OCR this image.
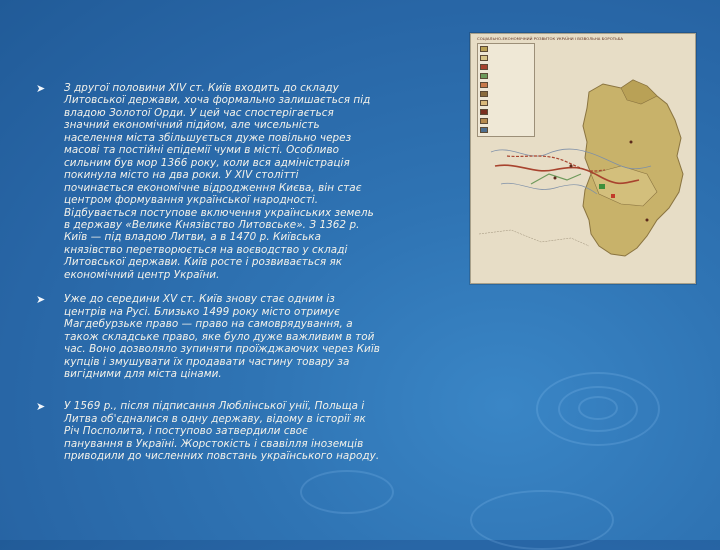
➤	З другої половини XIV ст. Київ входить до складу
Литовської держави, хоча формально залишається під
владою Золотої Орди. У цей час спостерігається
значний економічний підйом, але чисельність
населення міста збільшується дуже повільно через
масові та постійні епідемії чуми в місті. Особливо
сильним був мор 1366 року, коли вся адміністрація
покинула місто на два роки. У XIV столітті
починається економічне відродження Києва, він стає
центром формування української народності.
Відбувається поступове включення українських земель
в державу «Велике Князівство Литовське». З 1362 р.
Київ — під владою Литви, а в 1470 р. Київська
князівство перетворюється на воєводство у складі
Литовської держави. Київ росте і розвивається як
економічний центр України.
➤	Уже до середини XV ст. Київ знову стає одним із
центрів на Русі. Близько 1499 року місто отримує
Магдебурзьке право — право на самоврядування, а
також складське право, яке було дуже важливим в той
час. Воно дозволяло зупиняти проїжджаючих через Київ
купців і змушувати їх продавати частину товару за
вигідними для міста цінами.
➤	У 1569 р., після підписання Люблінської унії, Польща і
Литва об'єдналися в одну державу, відому в історії як
Річ Посполита, і поступово затвердили своє
панування в Україні. Жорстокість і свавілля іноземців
приводили до численних повстань українського народу.
СОЦІАЛЬНО-ЕКОНОМІЧНИЙ РОЗВИТОК УКРАЇНИ І ВІЗВОЛЬНА БОРОТЬБА
